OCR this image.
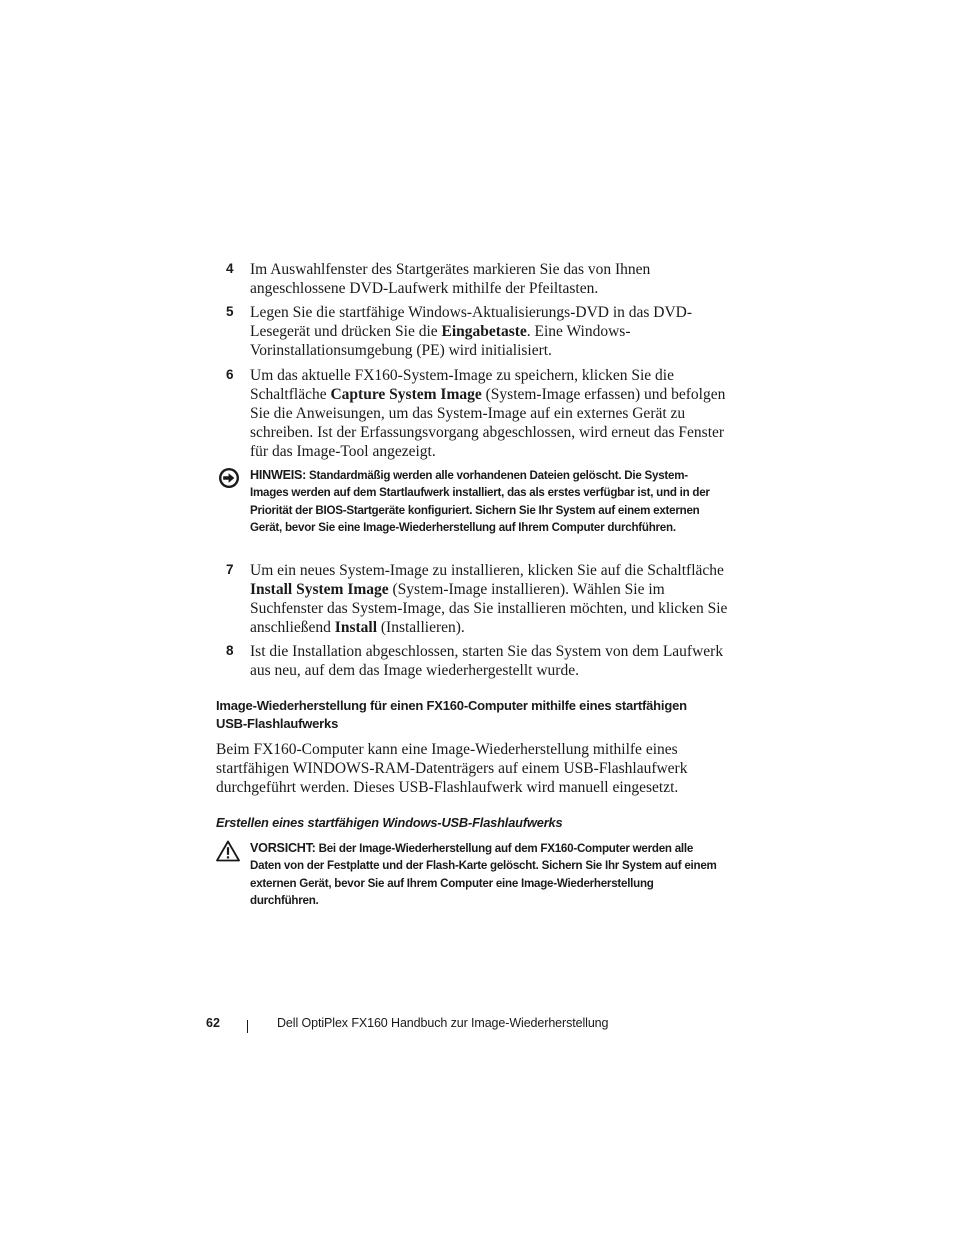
4 Im Auswahlfenster des Startgerätes markieren Sie das von Ihnen angeschlossene DVD-Laufwerk mithilfe der Pfeiltasten.
5 Legen Sie die startfähige Windows-Aktualisierungs-DVD in das DVD-Lesegerät und drücken Sie die Eingabetaste. Eine Windows-Vorinstallationsumgebung (PE) wird initialisiert.
6 Um das aktuelle FX160-System-Image zu speichern, klicken Sie die Schaltfläche Capture System Image (System-Image erfassen) und befolgen Sie die Anweisungen, um das System-Image auf ein externes Gerät zu schreiben. Ist der Erfassungsvorgang abgeschlossen, wird erneut das Fenster für das Image-Tool angezeigt.
HINWEIS: Standardmäßig werden alle vorhandenen Dateien gelöscht. Die System-Images werden auf dem Startlaufwerk installiert, das als erstes verfügbar ist, und in der Priorität der BIOS-Startgeräte konfiguriert. Sichern Sie Ihr System auf einem externen Gerät, bevor Sie eine Image-Wiederherstellung auf Ihrem Computer durchführen.
7 Um ein neues System-Image zu installieren, klicken Sie auf die Schaltfläche Install System Image (System-Image installieren). Wählen Sie im Suchfenster das System-Image, das Sie installieren möchten, und klicken Sie anschließend Install (Installieren).
8 Ist die Installation abgeschlossen, starten Sie das System von dem Laufwerk aus neu, auf dem das Image wiederhergestellt wurde.
Image-Wiederherstellung für einen FX160-Computer mithilfe eines startfähigen USB-Flashlaufwerks
Beim FX160-Computer kann eine Image-Wiederherstellung mithilfe eines startfähigen WINDOWS-RAM-Datenträgers auf einem USB-Flashlaufwerk durchgeführt werden. Dieses USB-Flashlaufwerk wird manuell eingesetzt.
Erstellen eines startfähigen Windows-USB-Flashlaufwerks
VORSICHT: Bei der Image-Wiederherstellung auf dem FX160-Computer werden alle Daten von der Festplatte und der Flash-Karte gelöscht. Sichern Sie Ihr System auf einem externen Gerät, bevor Sie auf Ihrem Computer eine Image-Wiederherstellung durchführen.
62	Dell OptiPlex FX160 Handbuch zur Image-Wiederherstellung
